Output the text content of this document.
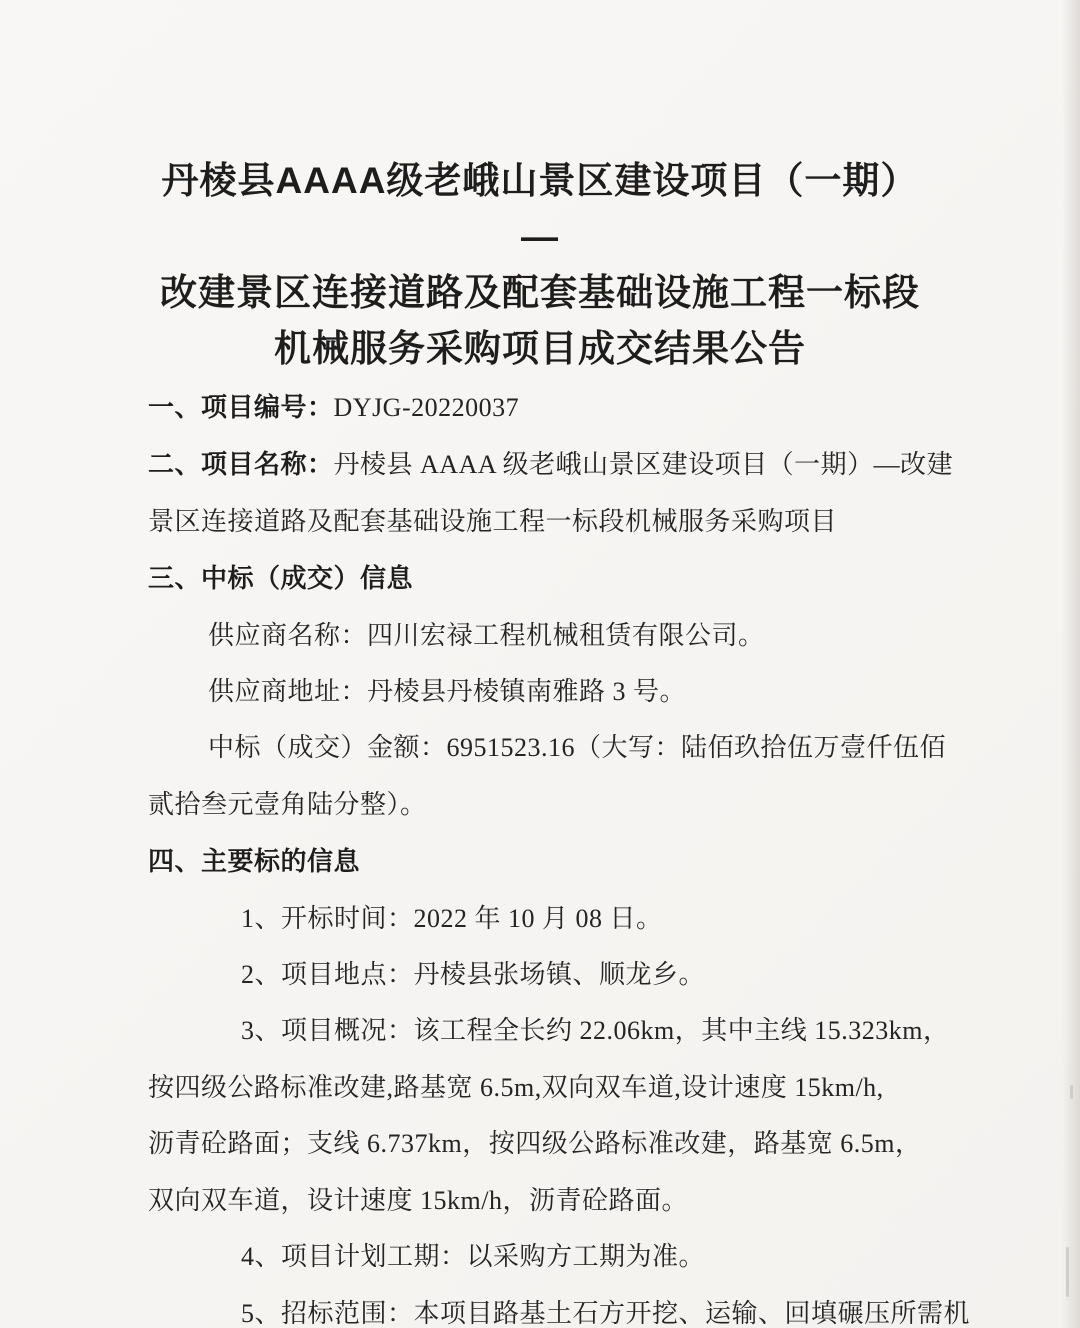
丹棱县AAAA级老峨山景区建设项目（一期）—
改建景区连接道路及配套基础设施工程一标段
机械服务采购项目成交结果公告
一、项目编号：DYJG-20220037
二、项目名称：丹棱县 AAAA 级老峨山景区建设项目（一期）—改建
景区连接道路及配套基础设施工程一标段机械服务采购项目
三、中标（成交）信息
供应商名称：四川宏禄工程机械租赁有限公司。
供应商地址：丹棱县丹棱镇南雅路 3 号。
中标（成交）金额：6951523.16（大写：陆佰玖拾伍万壹仟伍佰
贰拾叁元壹角陆分整）。
四、主要标的信息
1、开标时间：2022 年 10 月 08 日。
2、项目地点：丹棱县张场镇、顺龙乡。
3、项目概况：该工程全长约 22.06km，其中主线 15.323km，
按四级公路标准改建,路基宽 6.5m,双向双车道,设计速度 15km/h,
沥青砼路面；支线 6.737km，按四级公路标准改建，路基宽 6.5m，
双向双车道，设计速度 15km/h，沥青砼路面。
4、项目计划工期：以采购方工期为准。
5、招标范围：本项目路基土石方开挖、运输、回填碾压所需机
